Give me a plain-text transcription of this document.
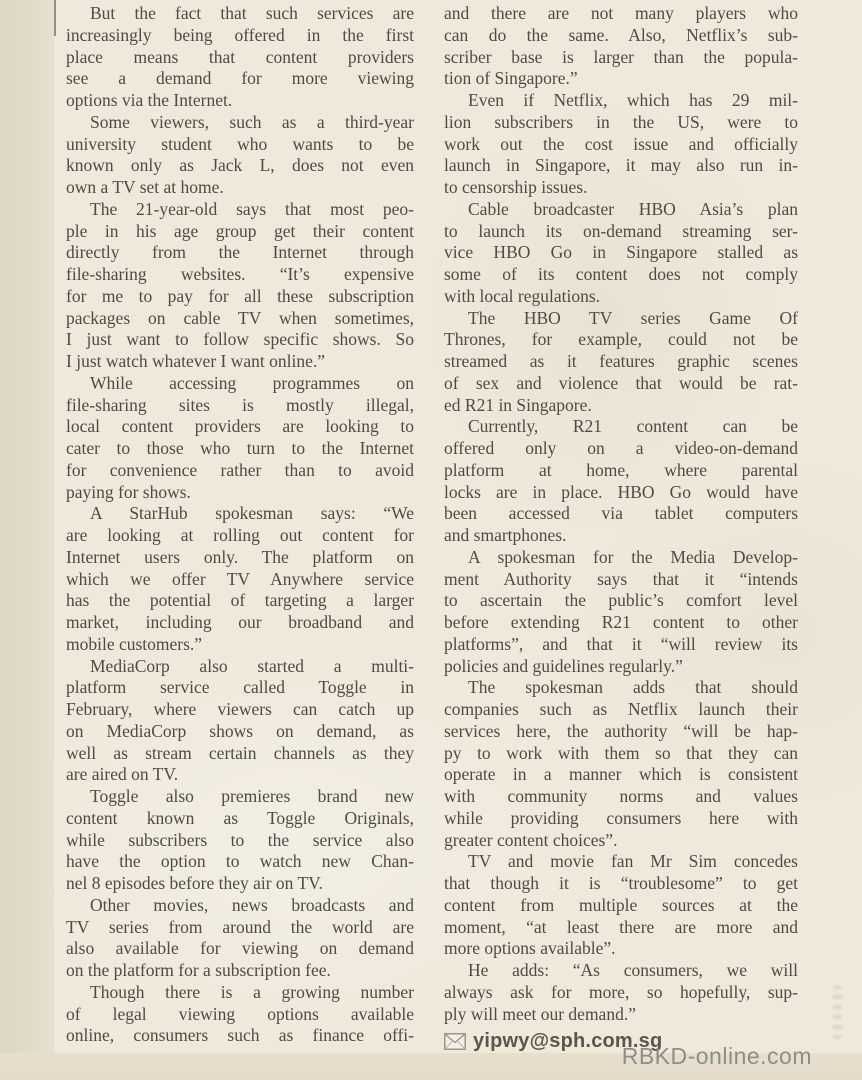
But the fact that such services are
increasingly being offered in the first
place means that content providers
see a demand for more viewing
options via the Internet.
Some viewers, such as a third-year
university student who wants to be
known only as Jack L, does not even
own a TV set at home.
The 21-year-old says that most peo-
ple in his age group get their content
directly from the Internet through
file-sharing websites. “It’s expensive
for me to pay for all these subscription
packages on cable TV when sometimes,
I just want to follow specific shows. So
I just watch whatever I want online.”
While accessing programmes on
file-sharing sites is mostly illegal,
local content providers are looking to
cater to those who turn to the Internet
for convenience rather than to avoid
paying for shows.
A StarHub spokesman says: “We
are looking at rolling out content for
Internet users only. The platform on
which we offer TV Anywhere service
has the potential of targeting a larger
market, including our broadband and
mobile customers.”
MediaCorp also started a multi-
platform service called Toggle in
February, where viewers can catch up
on MediaCorp shows on demand, as
well as stream certain channels as they
are aired on TV.
Toggle also premieres brand new
content known as Toggle Originals,
while subscribers to the service also
have the option to watch new Chan-
nel 8 episodes before they air on TV.
Other movies, news broadcasts and
TV series from around the world are
also available for viewing on demand
on the platform for a subscription fee.
Though there is a growing number
of legal viewing options available
online, consumers such as finance offi-
and there are not many players who
can do the same. Also, Netflix’s sub-
scriber base is larger than the popula-
tion of Singapore.”
Even if Netflix, which has 29 mil-
lion subscribers in the US, were to
work out the cost issue and officially
launch in Singapore, it may also run in-
to censorship issues.
Cable broadcaster HBO Asia’s plan
to launch its on-demand streaming ser-
vice HBO Go in Singapore stalled as
some of its content does not comply
with local regulations.
The HBO TV series Game Of
Thrones, for example, could not be
streamed as it features graphic scenes
of sex and violence that would be rat-
ed R21 in Singapore.
Currently, R21 content can be
offered only on a video-on-demand
platform at home, where parental
locks are in place. HBO Go would have
been accessed via tablet computers
and smartphones.
A spokesman for the Media Develop-
ment Authority says that it “intends
to ascertain the public’s comfort level
before extending R21 content to other
platforms”, and that it “will review its
policies and guidelines regularly.”
The spokesman adds that should
companies such as Netflix launch their
services here, the authority “will be hap-
py to work with them so that they can
operate in a manner which is consistent
with community norms and values
while providing consumers here with
greater content choices”.
TV and movie fan Mr Sim concedes
that though it is “troublesome” to get
content from multiple sources at the
moment, “at least there are more and
more options available”.
He adds: “As consumers, we will
always ask for more, so hopefully, sup-
ply will meet our demand.”
yipwy@sph.com.sg
RBKD-online.com
